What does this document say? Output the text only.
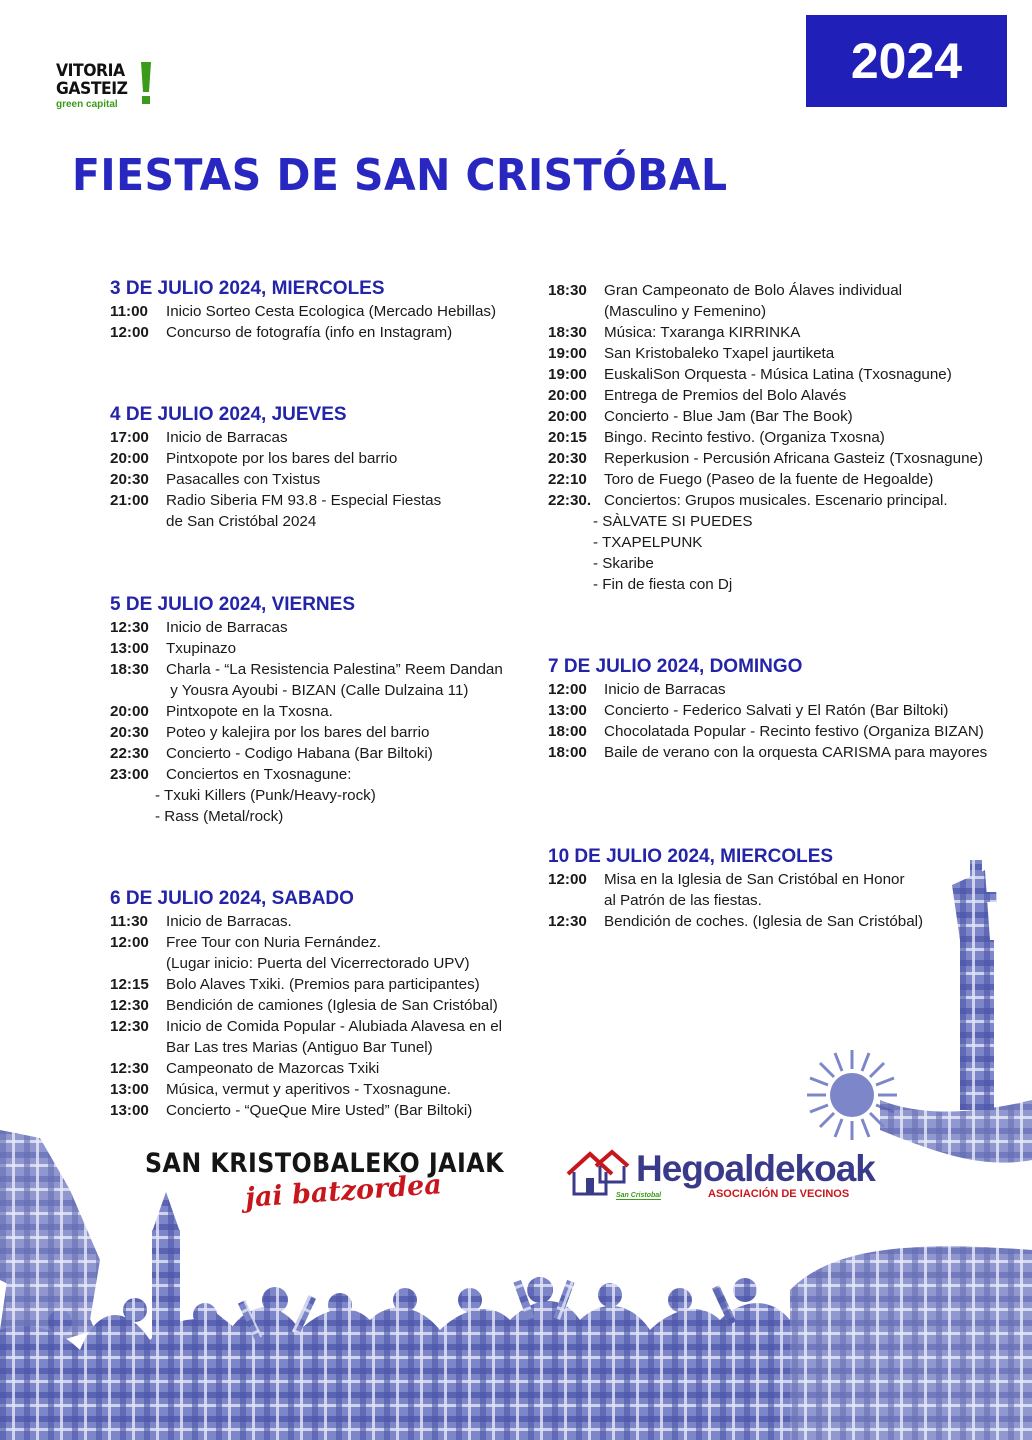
VITORIA
GASTEIZ
green capital
2024
FIESTAS DE SAN CRISTÓBAL
3 DE JULIO 2024, MIERCOLES
11:00	Inicio Sorteo Cesta Ecologica (Mercado Hebillas)
12:00	Concurso de fotografía (info en Instagram)
4 DE JULIO 2024, JUEVES
17:00	Inicio de Barracas
20:00	Pintxopote por los bares del barrio
20:30	Pasacalles con Txistus
21:00	Radio Siberia FM 93.8 - Especial Fiestas
de San Cristóbal 2024
5 DE JULIO 2024, VIERNES
12:30	Inicio de Barracas
13:00	Txupinazo
18:30	Charla - “La Resistencia Palestina” Reem Dandan
y Yousra Ayoubi - BIZAN (Calle Dulzaina 11)
20:00	Pintxopote en la Txosna.
20:30	Poteo y kalejira por los bares del barrio
22:30	Concierto - Codigo Habana (Bar Biltoki)
23:00	Conciertos en Txosnagune:
- Txuki Killers (Punk/Heavy-rock)
- Rass (Metal/rock)
6 DE JULIO 2024, SABADO
11:30	Inicio de Barracas.
12:00	Free Tour con Nuria Fernández.
(Lugar inicio: Puerta del Vicerrectorado UPV)
12:15	Bolo Alaves Txiki. (Premios para participantes)
12:30	Bendición de camiones (Iglesia de San Cristóbal)
12:30	Inicio de Comida Popular - Alubiada Alavesa en el
Bar Las tres Marias (Antiguo Bar Tunel)
12:30	Campeonato de Mazorcas Txiki
13:00	Música, vermut y aperitivos - Txosnagune.
13:00	Concierto - “QueQue Mire Usted” (Bar Biltoki)
18:30	Gran Campeonato de Bolo Álaves individual
(Masculino y Femenino)
18:30	Música: Txaranga KIRRINKA
19:00	San Kristobaleko Txapel jaurtiketa
19:00	EuskaliSon Orquesta - Música Latina (Txosnagune)
20:00	Entrega de Premios del Bolo Alavés
20:00	Concierto - Blue Jam (Bar The Book)
20:15	Bingo. Recinto festivo. (Organiza Txosna)
20:30	Reperkusion - Percusión Africana Gasteiz (Txosnagune)
22:10	Toro de Fuego (Paseo de la fuente de Hegoalde)
22:30. Conciertos: Grupos musicales. Escenario principal.
- SÀLVATE SI PUEDES
- TXAPELPUNK
- Skaribe
- Fin de fiesta con Dj
7 DE JULIO 2024, DOMINGO
12:00	Inicio de Barracas
13:00	Concierto - Federico Salvati y El Ratón (Bar Biltoki)
18:00	Chocolatada Popular - Recinto festivo (Organiza BIZAN)
18:00	Baile de verano con la orquesta CARISMA para mayores
10 DE JULIO 2024, MIERCOLES
12:00	Misa en la Iglesia de San Cristóbal en Honor
al Patrón de las fiestas.
12:30	Bendición de coches. (Iglesia de San Cristóbal)
SAN KRISTOBALEKO JAIAK
jai batzordea
Hegoaldekoak
San Cristobal	ASOCIACIÓN DE VECINOS
